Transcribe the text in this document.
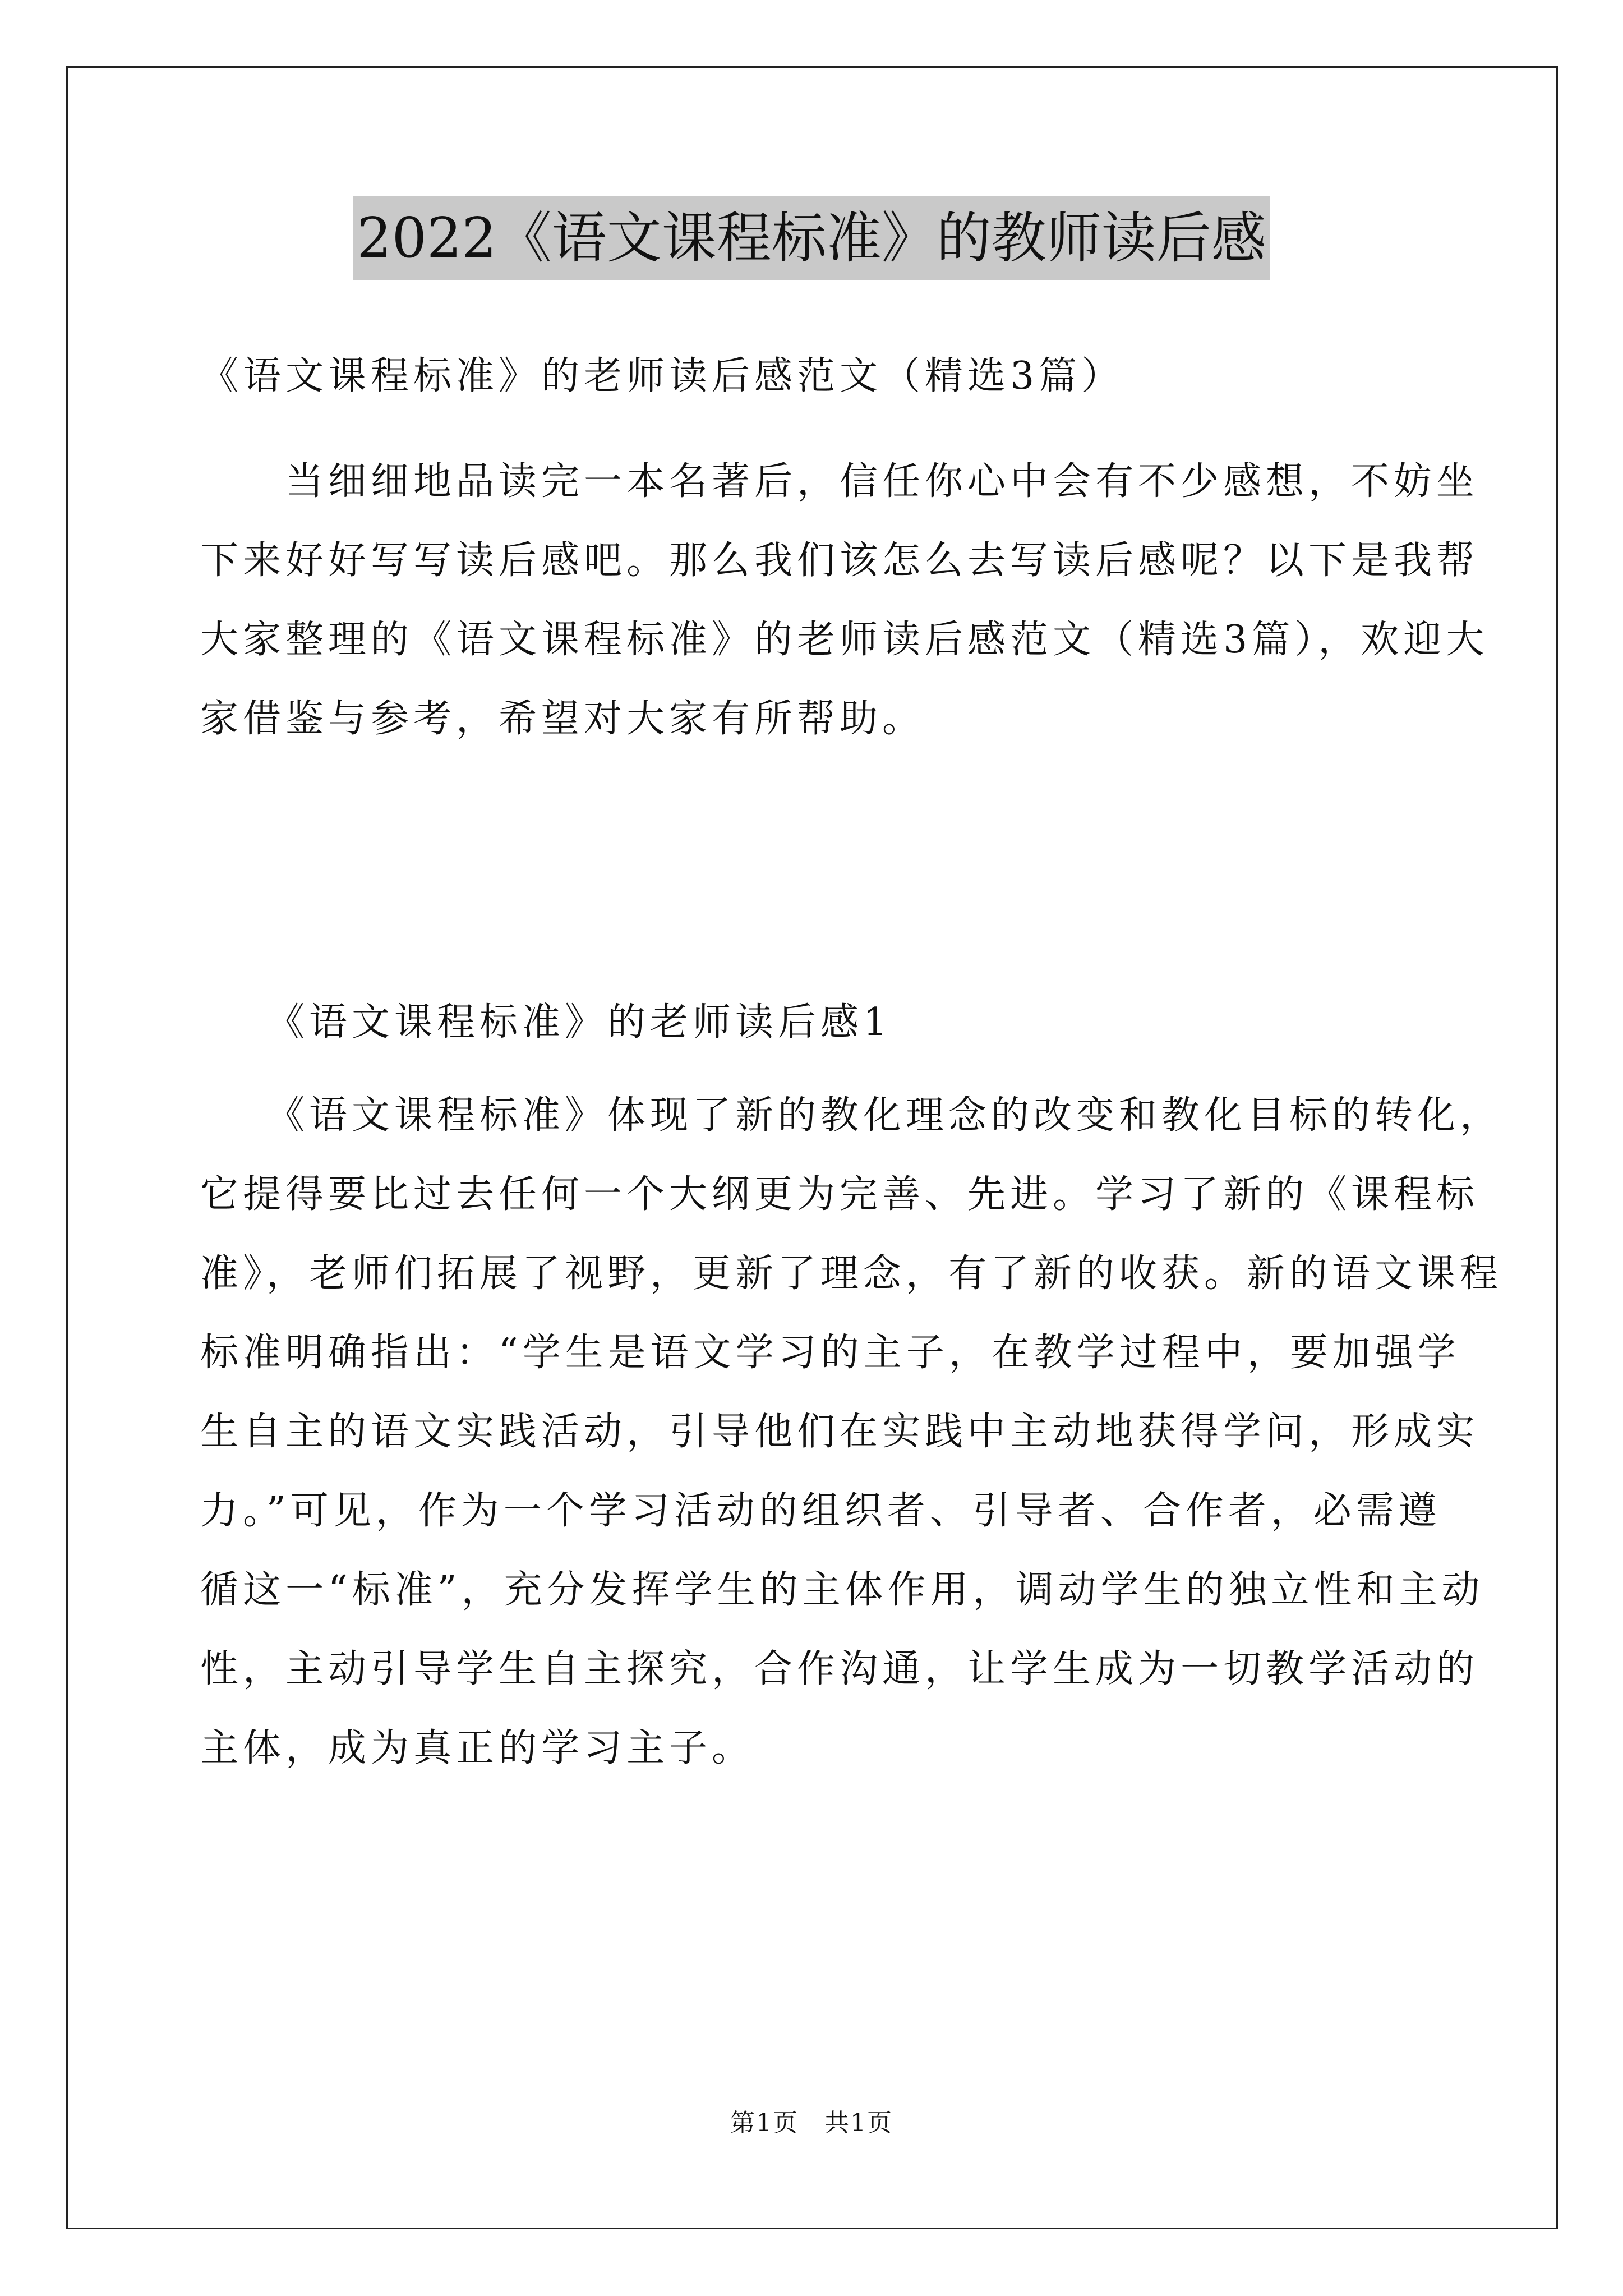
2022《语文课程标准》的教师读后感

《语文课程标准》的老师读后感范文（精选3篇）

　　当细细地品读完一本名著后，信任你心中会有不少感想，不妨坐
下来好好写写读后感吧。那么我们该怎么去写读后感呢？以下是我帮
大家整理的《语文课程标准》的老师读后感范文（精选3篇），欢迎大
家借鉴与参考，希望对大家有所帮助。

　　《语文课程标准》的老师读后感1

　　《语文课程标准》体现了新的教化理念的改变和教化目标的转化，
它提得要比过去任何一个大纲更为完善、先进。学习了新的《课程标
准》，老师们拓展了视野，更新了理念，有了新的收获。新的语文课程
标准明确指出：“学生是语文学习的主子，在教学过程中，要加强学
生自主的语文实践活动，引导他们在实践中主动地获得学问，形成实
力。”可见，作为一个学习活动的组织者、引导者、合作者，必需遵
循这一“标准”，充分发挥学生的主体作用，调动学生的独立性和主动
性，主动引导学生自主探究，合作沟通，让学生成为一切教学活动的
主体，成为真正的学习主子。

第1页　共1页
